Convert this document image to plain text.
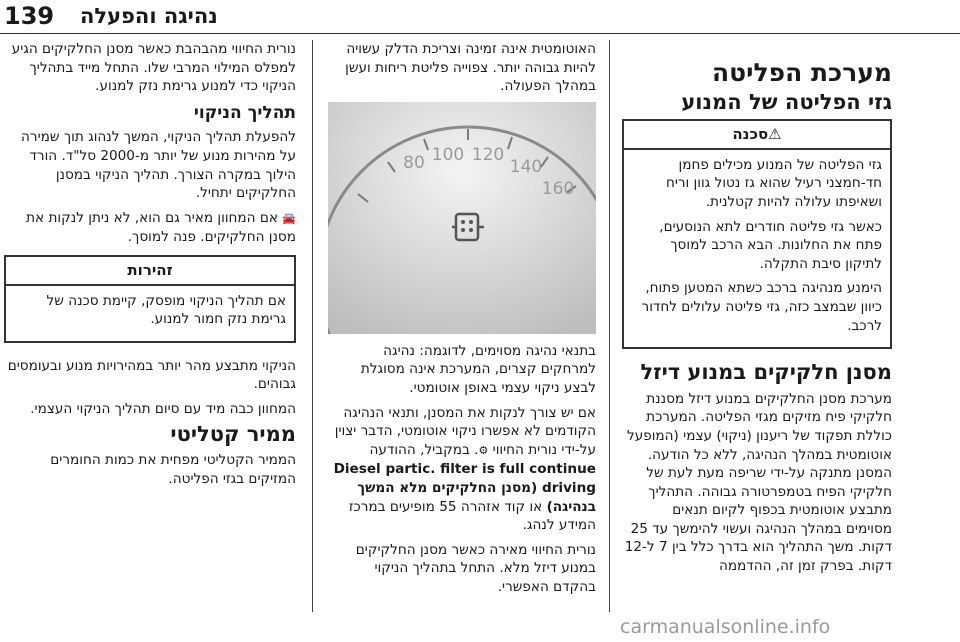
139 נהיגה והפעלה
מערכת הפליטה
גזי הפליטה של המנוע
⚠סכנה

גזי הפליטה של המנוע מכילים פחמן חד-חמצני רעיל שהוא גז נטול גוון וריח ושאיפתו עלולה להיות קטלנית.

כאשר גזי פליטה חודרים לתא הנוסעים, פתח את החלונות. הבא הרכב למוסך לתיקון סיבת התקלה.

הימנע מנהיגה ברכב כשתא המטען פתוח, כיוון שבמצב כזה, גזי פליטה עלולים לחדור לרכב.

מסנן חלקיקים במנוע דיזל

מערכת מסנן החלקיקים במנוע דיזל מסננת חלקיקי פיח מזיקים מגזי הפליטה. המערכת כוללת תפקוד של ריענון (ניקוי) עצמי (המופעל אוטומטית במהלך הנהיגה, ללא כל הודעה. המסנן מתנקה על-ידי שריפה מעת לעת של חלקיקי הפיח בטמפרטורה גבוהה. התהליך מתבצע אוטומטית בכפוף לקיום תנאים מסוימים במהלך הנהיגה ועשוי להימשך עד 25 דקות. משך התהליך הוא בדרך כלל בין 7 ל-12 דקות. בפרק זמן זה, ההדממה

האוטומטית אינה זמינה וצריכת הדלק עשויה להיות גבוהה יותר. צפוייה פליטת ריחות ועשן במהלך הפעולה.

80 100 120
140
160

בתנאי נהיגה מסוימים, לדוגמה: נהיגה למרחקים קצרים, המערכת אינה מסוגלת לבצע ניקוי עצמי באופן אוטומטי.

אם יש צורך לנקות את המסנן, ותנאי הנהיגה הקודמים לא אפשרו ניקוי אוטומטי, הדבר יצוין על-ידי נורית החיווי ⚙. במקביל, ההודעה Diesel partic. filter is full continue driving (מסנן החלקיקים מלא המשך בנהיגה) או קוד אזהרה 55 מופיעים במרכז המידע לנהג.

נורית החיווי מאירה כאשר מסנן החלקיקים במנוע דיזל מלא. התחל בתהליך הניקוי בהקדם האפשרי.

נורית החיווי מהבהבת כאשר מסנן החלקיקים הגיע למפלס המילוי המרבי שלו. התחל מייד בתהליך הניקוי כדי למנוע גרימת נזק למנוע.

תהליך הניקוי

להפעלת תהליך הניקוי, המשך לנהוג תוך שמירה על מהירות מנוע של יותר מ-2000 סל"ד. הורד הילוך במקרה הצורך. תהליך הניקוי במסנן החלקיקים יתחיל.

🚘 אם המחוון מאיר גם הוא, לא ניתן לנקות את מסנן החלקיקים. פנה למוסך.

זהירות

אם תהליך הניקוי מופסק, קיימת סכנה של גרימת נזק חמור למנוע.

הניקוי מתבצע מהר יותר במהירויות מנוע ובעומסים גבוהים.

המחוון כבה מיד עם סיום תהליך הניקוי העצמי.

ממיר קטליטי

הממיר הקטליטי מפחית את כמות החומרים המזיקים בגזי הפליטה.

carmanualsonline.info
